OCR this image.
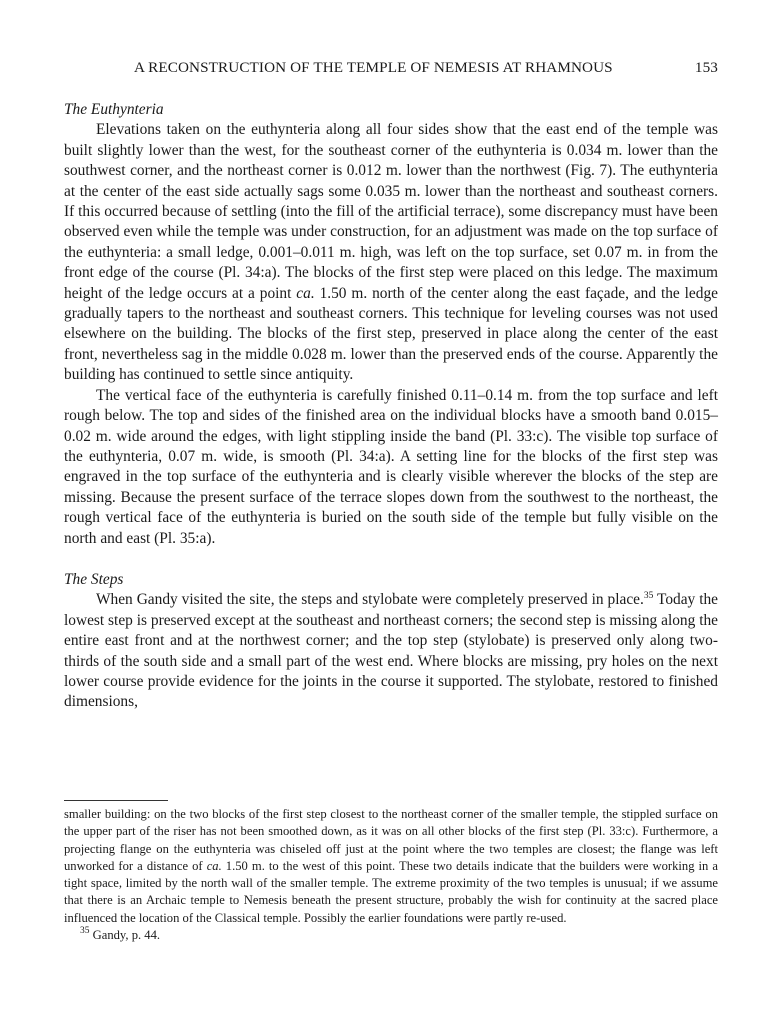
A RECONSTRUCTION OF THE TEMPLE OF NEMESIS AT RHAMNOUS	153
The Euthynteria

Elevations taken on the euthynteria along all four sides show that the east end of the temple was built slightly lower than the west, for the southeast corner of the euthynteria is 0.034 m. lower than the southwest corner, and the northeast corner is 0.012 m. lower than the northwest (Fig. 7). The euthynteria at the center of the east side actually sags some 0.035 m. lower than the northeast and southeast corners. If this occurred because of settling (into the fill of the artificial terrace), some discrepancy must have been observed even while the temple was under construction, for an adjustment was made on the top surface of the euthynteria: a small ledge, 0.001–0.011 m. high, was left on the top surface, set 0.07 m. in from the front edge of the course (Pl. 34:a). The blocks of the first step were placed on this ledge. The maximum height of the ledge occurs at a point ca. 1.50 m. north of the center along the east façade, and the ledge gradually tapers to the northeast and southeast corners. This technique for leveling courses was not used elsewhere on the building. The blocks of the first step, preserved in place along the center of the east front, nevertheless sag in the middle 0.028 m. lower than the preserved ends of the course. Apparently the building has continued to settle since antiquity.

The vertical face of the euthynteria is carefully finished 0.11–0.14 m. from the top surface and left rough below. The top and sides of the finished area on the individual blocks have a smooth band 0.015–0.02 m. wide around the edges, with light stippling inside the band (Pl. 33:c). The visible top surface of the euthynteria, 0.07 m. wide, is smooth (Pl. 34:a). A setting line for the blocks of the first step was engraved in the top surface of the euthynteria and is clearly visible wherever the blocks of the step are missing. Because the present surface of the terrace slopes down from the southwest to the northeast, the rough vertical face of the euthynteria is buried on the south side of the temple but fully visible on the north and east (Pl. 35:a).

The Steps

When Gandy visited the site, the steps and stylobate were completely preserved in place.$^{35}$ Today the lowest step is preserved except at the southeast and northeast corners; the second step is missing along the entire east front and at the northwest corner; and the top step (stylobate) is preserved only along two-thirds of the south side and a small part of the west end. Where blocks are missing, pry holes on the next lower course provide evidence for the joints in the course it supported. The stylobate, restored to finished dimensions,

smaller building: on the two blocks of the first step closest to the northeast corner of the smaller temple, the stippled surface on the upper part of the riser has not been smoothed down, as it was on all other blocks of the first step (Pl. 33:c). Furthermore, a projecting flange on the euthynteria was chiseled off just at the point where the two temples are closest; the flange was left unworked for a distance of ca. 1.50 m. to the west of this point. These two details indicate that the builders were working in a tight space, limited by the north wall of the smaller temple. The extreme proximity of the two temples is unusual; if we assume that there is an Archaic temple to Nemesis beneath the present structure, probably the wish for continuity at the sacred place influenced the location of the Classical temple. Possibly the earlier foundations were partly re-used.

$^{35}$ Gandy, p. 44.
